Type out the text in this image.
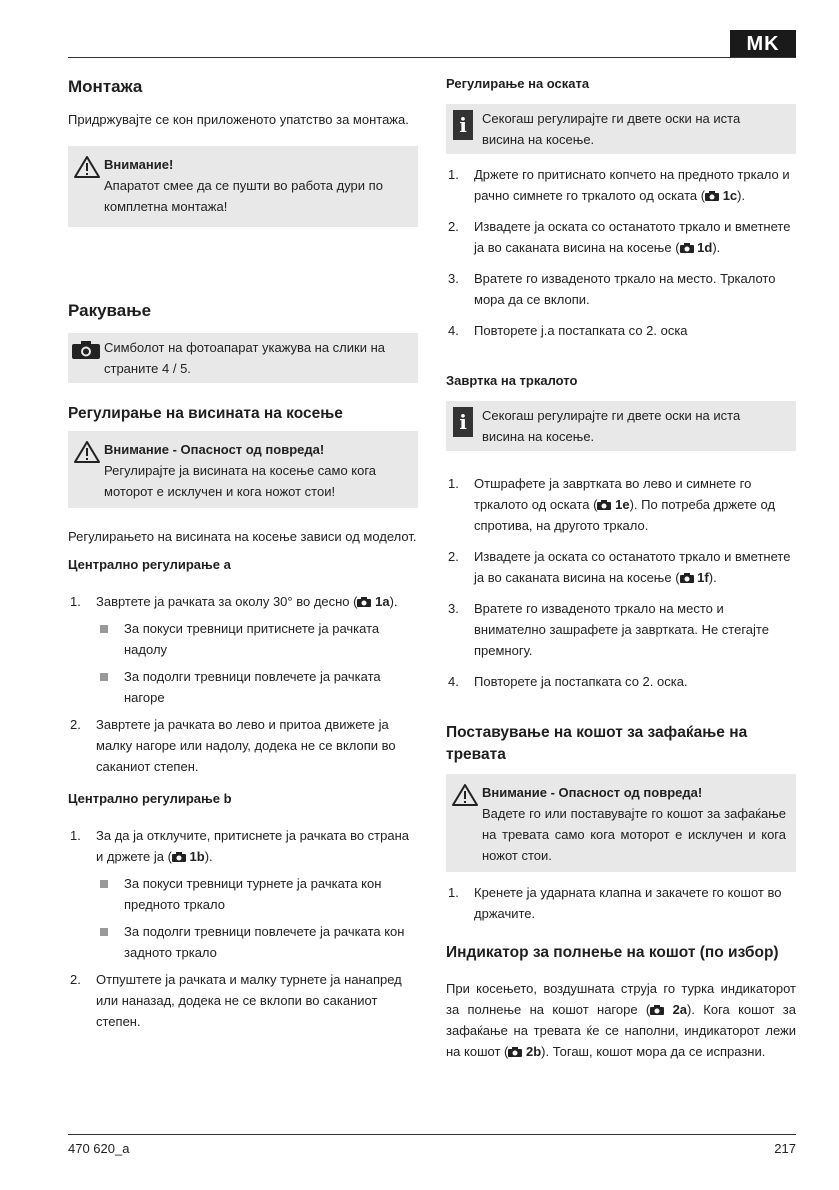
MK
Монтажа

Придржувајте се кон приложеното упатство за монтажа.

Внимание!
Апаратот смее да се пушти во работа дури по комплетна монтажа!
Ракување
Симболот на фотоапарат укажува на слики на страните 4 / 5.
Регулирање на висината на косење
Внимание - Опасност од повреда!
Регулирајте ја висината на косење само кога моторот е исклучен и кога ножот стои!

Регулирањето на висината на косење зависи од моделот.

Централно регулирање a
1. Завртете ја рачката за околу 30° во десно ( 1a).
За покуси тревници притиснете ја рачката надолу
За подолги тревници повлечете ја рачката нагоре
2. Завртете ја рачката во лево и притоа движете ја малку нагоре или надолу, додека не се вклопи во саканиот степен.
Централно регулирање b
1. За да ја отклучите, притиснете ја рачката во страна и држете ја ( 1b).
За покуси тревници турнете ја рачката кон предното тркало
За подолги тревници повлечете ја рачката кон задното тркало
2. Отпуштете ја рачката и малку турнете ја нанапред или наназад, додека не се вклопи во саканиот степен.
Регулирање на оската
i	Секогаш регулирајте ги двете оски на иста висина на косење.
1. Држете го притиснато копчето на предното тркало и рачно симнете го тркалото од оската ( 1c).
2. Извадете ја оската со останатото тркало и вметнете ја во саканата висина на косење ( 1d).
3. Вратете го извадeното тркало на место. Тркалото мора да се вклопи.
4. Повторете j.a постапката со 2. оска
Завртка на тркалото
i	Секогаш регулирајте ги двете оски на иста висина на косење.
1. Отшрафете ја завртката во лево и симнете го тркалото од оската ( 1e). По потреба држете од спротива, на другото тркало.
2. Извадете ја оската со останатото тркало и вметнете ја во саканата висина на косење ( 1f).
3. Вратете го извадeното тркало на место и внимателно зашрафете ја завртката. Не стегајте премногу.
4. Повторете ја постапката со 2. оска.
Поставување на кошот за зафаќање на тревата
Внимание - Опасност од повреда!
Вадете го или поставувајте го кошот за зафаќање на тревата само кога моторот е исклучен и кога ножот стои.
1. Кренете ја ударната клапна и закачете го кошот во држачите.
Индикатор за полнење на кошот (по избор)

При косењето, воздушната струја го турка индикаторот за полнење на кошот нагоре ( 2a). Кога кошот за зафаќање на тревата ќе се наполни, индикаторот лежи на кошот ( 2b). Тогаш, кошот мора да се испразни.

470 620_a	217
